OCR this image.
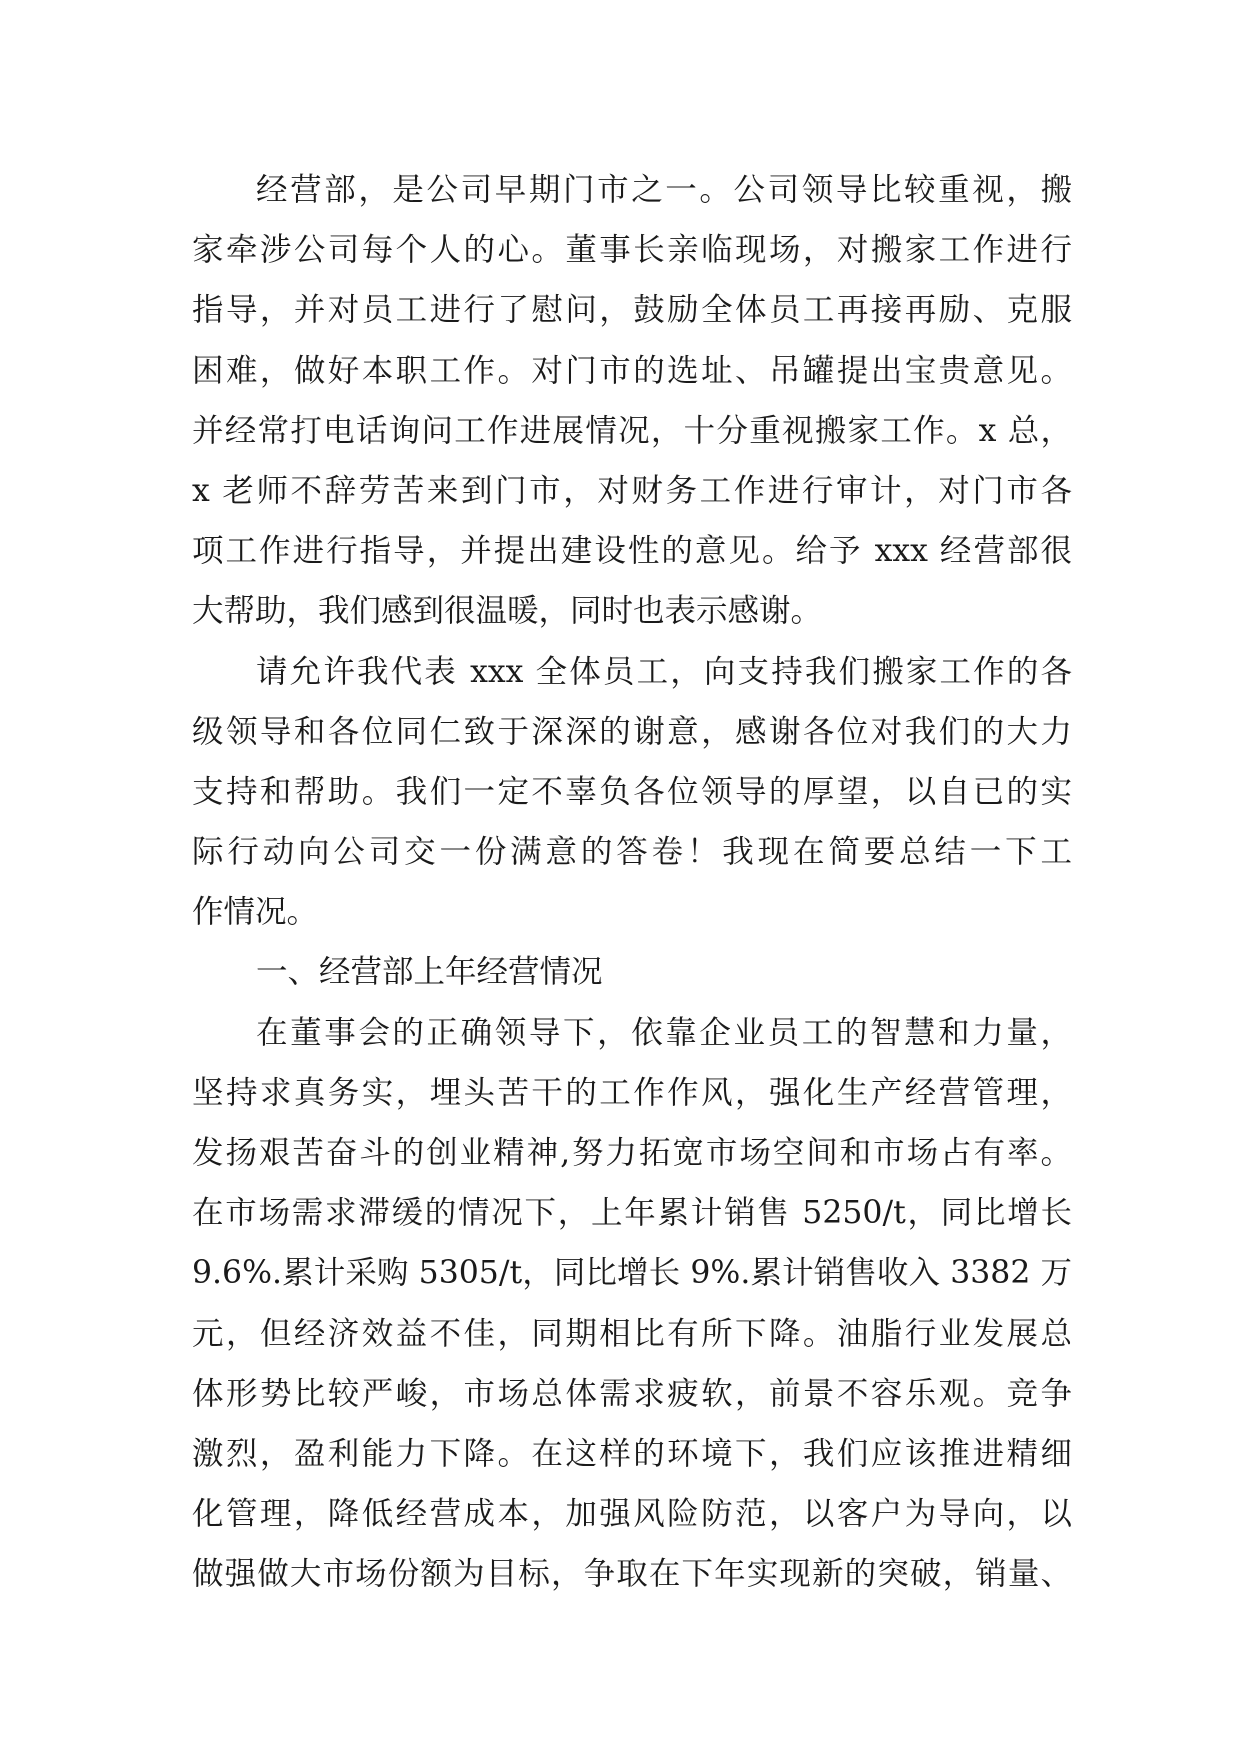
经营部，是公司早期门市之一。公司领导比较重视，搬
家牵涉公司每个人的心。董事长亲临现场，对搬家工作进行
指导，并对员工进行了慰问，鼓励全体员工再接再励、克服
困难，做好本职工作。对门市的选址、吊罐提出宝贵意见。
并经常打电话询问工作进展情况，十分重视搬家工作。x 总，
x 老师不辞劳苦来到门市，对财务工作进行审计，对门市各
项工作进行指导，并提出建设性的意见。给予 xxx 经营部很
大帮助，我们感到很温暖，同时也表示感谢。
请允许我代表 xxx 全体员工，向支持我们搬家工作的各
级领导和各位同仁致于深深的谢意，感谢各位对我们的大力
支持和帮助。我们一定不辜负各位领导的厚望，以自已的实
际行动向公司交一份满意的答卷！我现在简要总结一下工
作情况。
一、经营部上年经营情况
在董事会的正确领导下，依靠企业员工的智慧和力量，
坚持求真务实，埋头苦干的工作作风，强化生产经营管理，
发扬艰苦奋斗的创业精神,努力拓宽市场空间和市场占有率。
在市场需求滞缓的情况下，上年累计销售 5250/t，同比增长
9.6%.累计采购 5305/t，同比增长 9%.累计销售收入 3382 万
元，但经济效益不佳，同期相比有所下降。油脂行业发展总
体形势比较严峻，市场总体需求疲软，前景不容乐观。竞争
激烈，盈利能力下降。在这样的环境下，我们应该推进精细
化管理，降低经营成本，加强风险防范，以客户为导向，以
做强做大市场份额为目标，争取在下年实现新的突破，销量、
